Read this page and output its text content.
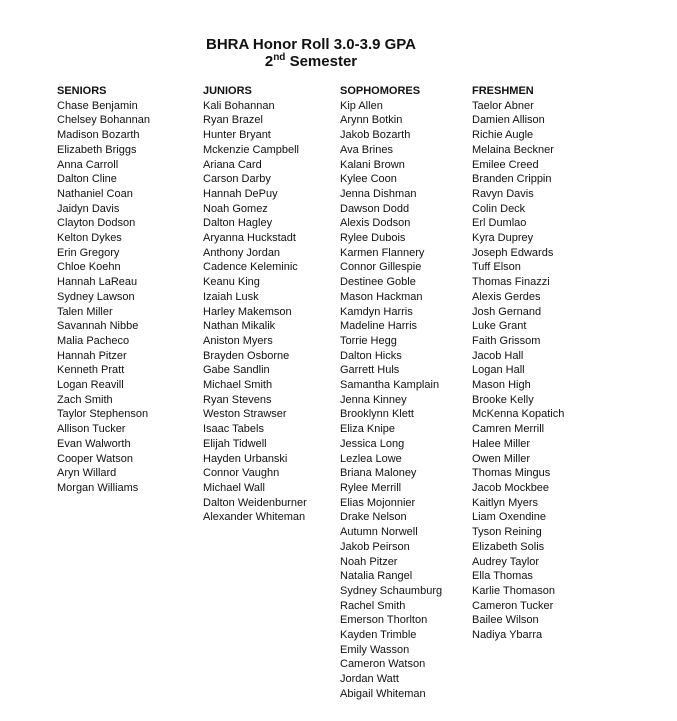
BHRA Honor Roll 3.0-3.9 GPA
2nd Semester
SENIORS
Chase Benjamin
Chelsey Bohannan
Madison Bozarth
Elizabeth Briggs
Anna Carroll
Dalton Cline
Nathaniel Coan
Jaidyn Davis
Clayton Dodson
Kelton Dykes
Erin Gregory
Chloe Koehn
Hannah LaReau
Sydney Lawson
Talen Miller
Savannah Nibbe
Malia Pacheco
Hannah Pitzer
Kenneth Pratt
Logan Reavill
Zach Smith
Taylor Stephenson
Allison Tucker
Evan Walworth
Cooper Watson
Aryn Willard
Morgan Williams
JUNIORS
Kali Bohannan
Ryan Brazel
Hunter Bryant
Mckenzie Campbell
Ariana Card
Carson Darby
Hannah DePuy
Noah Gomez
Dalton Hagley
Aryanna Huckstadt
Anthony Jordan
Cadence Keleminic
Keanu King
Izaiah Lusk
Harley Makemson
Nathan Mikalik
Aniston Myers
Brayden Osborne
Gabe Sandlin
Michael Smith
Ryan Stevens
Weston Strawser
Isaac Tabels
Elijah Tidwell
Hayden Urbanski
Connor Vaughn
Michael Wall
Dalton Weidenburner
Alexander Whiteman
SOPHOMORES
Kip Allen
Arynn Botkin
Jakob Bozarth
Ava Brines
Kalani Brown
Kylee Coon
Jenna Dishman
Dawson Dodd
Alexis Dodson
Rylee Dubois
Karmen Flannery
Connor Gillespie
Destinee Goble
Mason Hackman
Kamdyn Harris
Madeline Harris
Torrie Hegg
Dalton Hicks
Garrett Huls
Samantha Kamplain
Jenna Kinney
Brooklynn Klett
Eliza Knipe
Jessica Long
Lezlea Lowe
Briana Maloney
Rylee Merrill
Elias Mojonnier
Drake Nelson
Autumn Norwell
Jakob Peirson
Noah Pitzer
Natalia Rangel
Sydney Schaumburg
Rachel Smith
Emerson Thorlton
Kayden Trimble
Emily Wasson
Cameron Watson
Jordan Watt
Abigail Whiteman
FRESHMEN
Taelor Abner
Damien Allison
Richie Augle
Melaina Beckner
Emilee Creed
Branden Crippin
Ravyn Davis
Colin Deck
Erl Dumlao
Kyra Duprey
Joseph Edwards
Tuff Elson
Thomas Finazzi
Alexis Gerdes
Josh Gernand
Luke Grant
Faith Grissom
Jacob Hall
Logan Hall
Mason High
Brooke Kelly
McKenna Kopatich
Camren Merrill
Halee Miller
Owen Miller
Thomas Mingus
Jacob Mockbee
Kaitlyn Myers
Liam Oxendine
Tyson Reining
Elizabeth Solis
Audrey Taylor
Ella Thomas
Karlie Thomason
Cameron Tucker
Bailee Wilson
Nadiya Ybarra
